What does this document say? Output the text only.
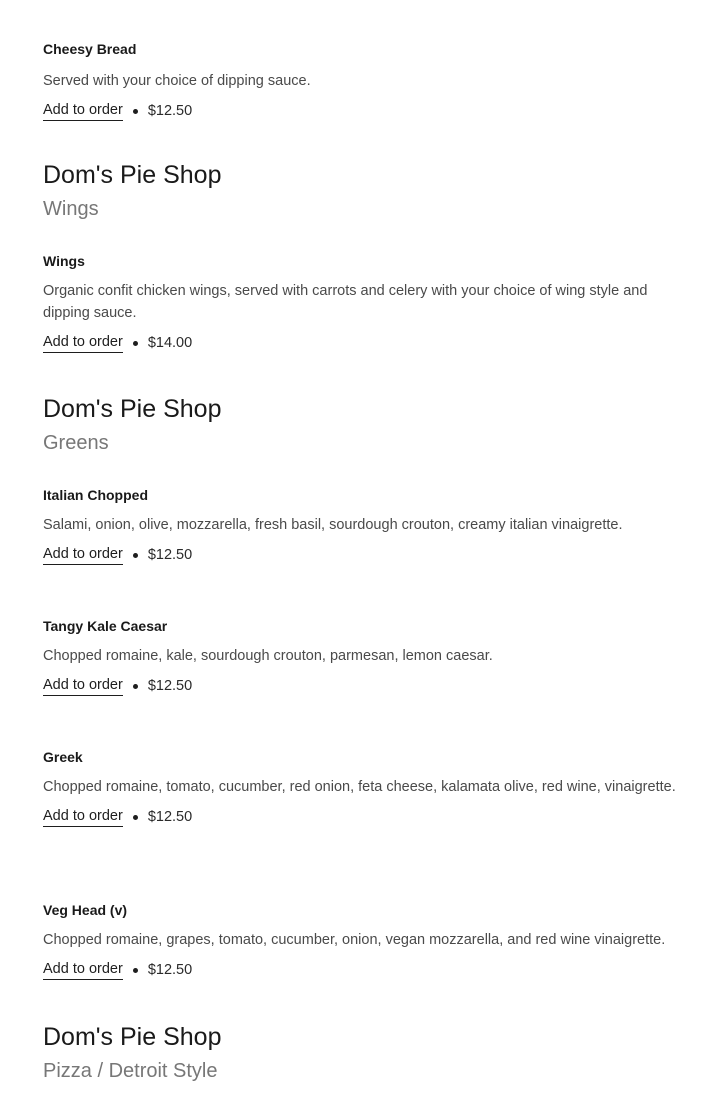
Cheesy Bread

Served with your choice of dipping sauce.

Add to order $12.50

Dom's Pie Shop

Wings

Wings

Organic confit chicken wings, served with carrots and celery with your choice of wing style and dipping sauce.

Add to order $14.00

Dom's Pie Shop

Greens

Italian Chopped

Salami, onion, olive, mozzarella, fresh basil, sourdough crouton, creamy italian vinaigrette.

Add to order $12.50

Tangy Kale Caesar

Chopped romaine, kale, sourdough crouton, parmesan, lemon caesar.

Add to order $12.50

Greek

Chopped romaine, tomato, cucumber, red onion, feta cheese, kalamata olive, red wine, vinaigrette.

Add to order $12.50

Veg Head (v)

Chopped romaine, grapes, tomato, cucumber, onion, vegan mozzarella, and red wine vinaigrette.

Add to order $12.50

Dom's Pie Shop

Pizza / Detroit Style
